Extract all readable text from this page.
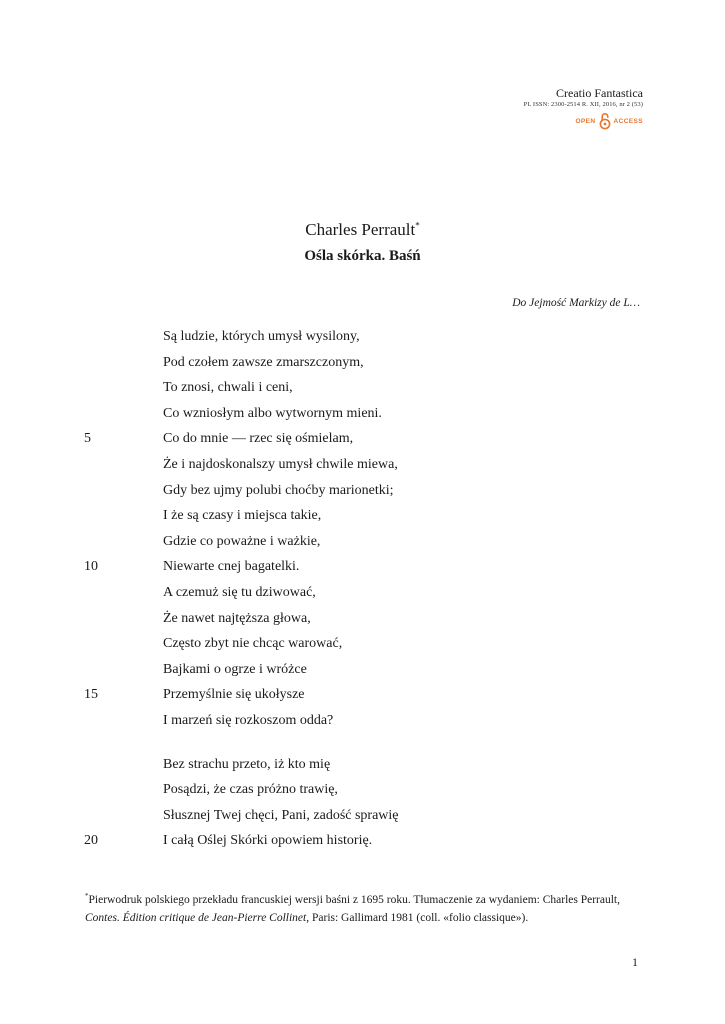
Creatio Fantastica
PL ISSN: 2300-2514 R. XII, 2016, nr 2 (53)
OPEN	ACCESS
Charles Perrault*
Ośla skórka. Baśń
Do Jejmość Markizy de L…
Są ludzie, których umysł wysilony,
Pod czołem zawsze zmarszczonym,
To znosi, chwali i ceni,
Co wzniosłym albo wytwornym mieni.
5	Co do mnie — rzec się ośmielam,
Że i najdoskonalszy umysł chwile miewa,
Gdy bez ujmy polubi choćby marionetki;
I że są czasy i miejsca takie,
Gdzie co poważne i ważkie,
10	Niewarte cnej bagatelki.
A czemuż się tu dziwować,
Że nawet najtęższa głowa,
Często zbyt nie chcąc warować,
Bajkami o ogrze i wróżce
15	Przemyślnie się ukołysze
I marzeń się rozkoszom odda?
Bez strachu przeto, iż kto mię
Posądzi, że czas próżno trawię,
Słusznej Twej chęci, Pani, zadość sprawię
20	I całą Oślej Skórki opowiem historię.
*Pierwodruk polskiego przekładu francuskiej wersji baśni z 1695 roku. Tłumaczenie za wydaniem: Charles Perrault, Contes. Édition critique de Jean-Pierre Collinet, Paris: Gallimard 1981 (coll. «folio classique»).
1
